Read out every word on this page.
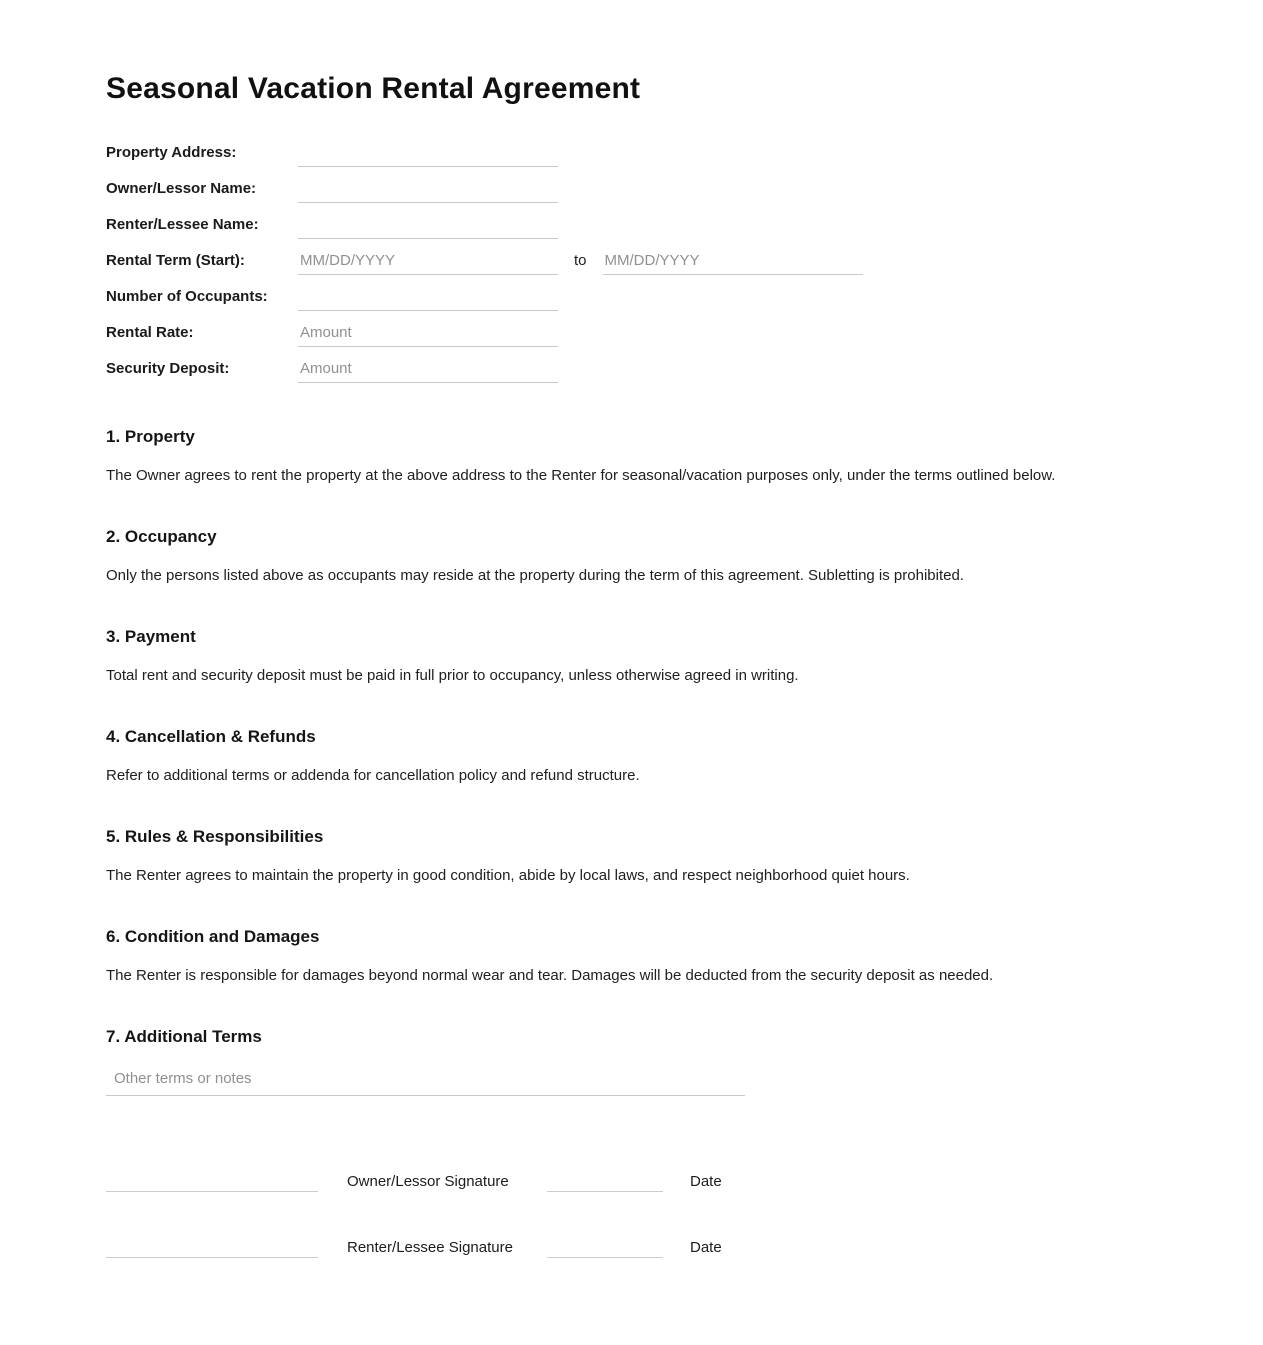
Seasonal Vacation Rental Agreement
Property Address:
Owner/Lessor Name:
Renter/Lessee Name:
Rental Term (Start):
MM/DD/YYYY	to
MM/DD/YYYY
Number of Occupants:
Rental Rate:
Amount
Security Deposit:
Amount
1. Property

The Owner agrees to rent the property at the above address to the Renter for seasonal/vacation purposes only, under the terms outlined below.

2. Occupancy

Only the persons listed above as occupants may reside at the property during the term of this agreement. Subletting is prohibited.

3. Payment

Total rent and security deposit must be paid in full prior to occupancy, unless otherwise agreed in writing.

4. Cancellation & Refunds

Refer to additional terms or addenda for cancellation policy and refund structure.

5. Rules & Responsibilities

The Renter agrees to maintain the property in good condition, abide by local laws, and respect neighborhood quiet hours.

6. Condition and Damages

The Renter is responsible for damages beyond normal wear and tear. Damages will be deducted from the security deposit as needed.

7. Additional Terms
Other terms or notes
Owner/Lessor Signature	Date
Renter/Lessee Signature	Date
